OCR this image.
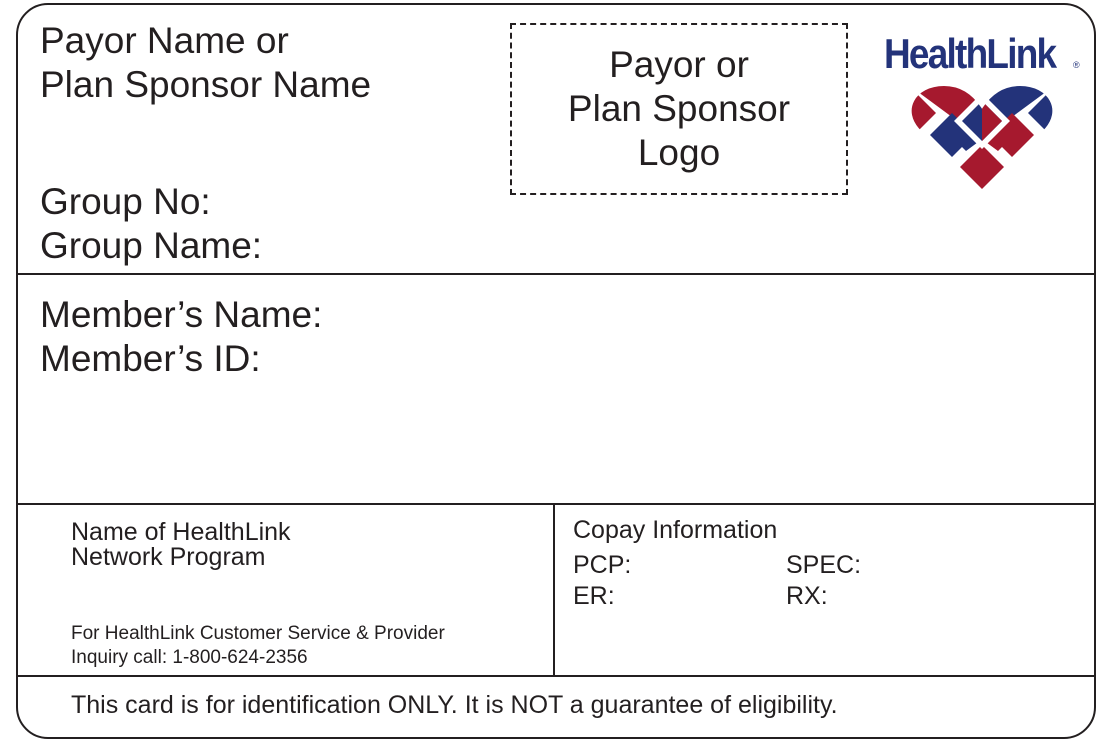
Payor Name or
Plan Sponsor Name
Group No:
Group Name:
Payor or
Plan Sponsor
Logo
HealthLink ®
Member’s Name:
Member’s ID:
Name of HealthLink
Network Program
For HealthLink Customer Service & Provider
Inquiry call: 1-800-624-2356
Copay Information
PCP:	SPEC:
ER:	RX:
This card is for identification ONLY. It is NOT a guarantee of eligibility.
